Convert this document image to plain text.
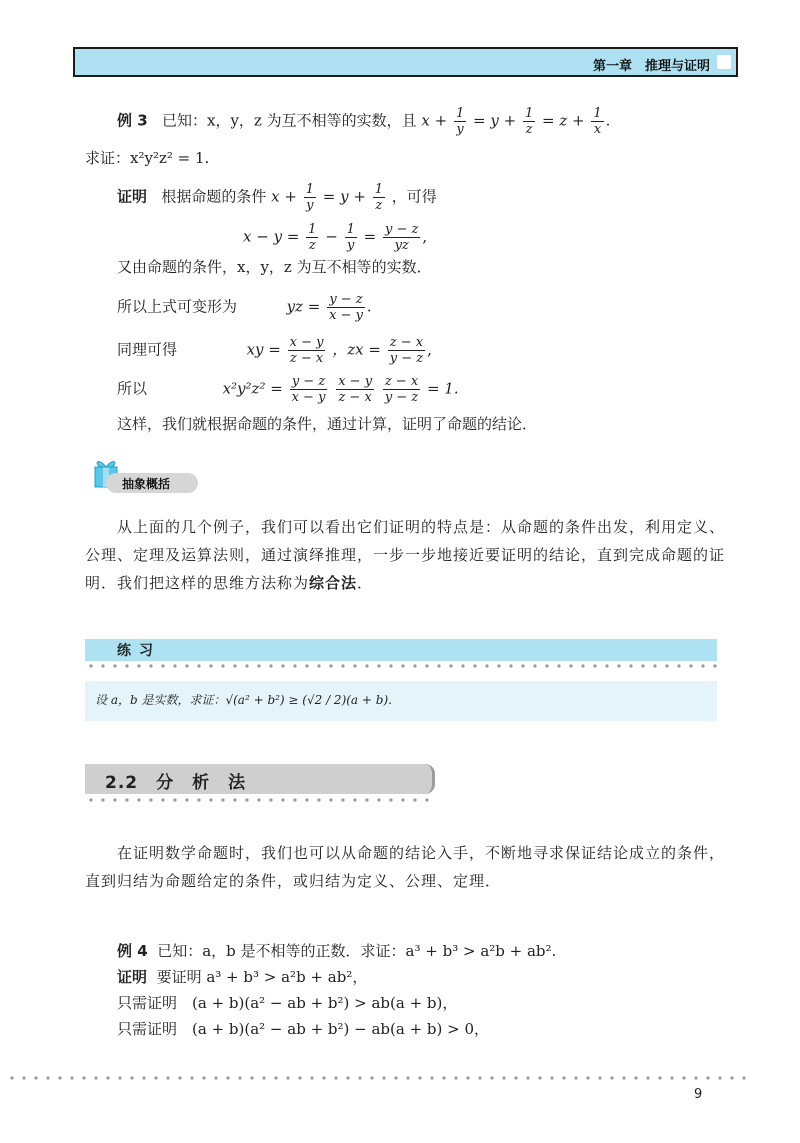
第一章　推理与证明
例 3 已知：x，y，z 为互不相等的实数，且 $x + \frac{1}{y} = y + \frac{1}{z} = z + \frac{1}{x}$ .
求证：x²y²z² = 1.
证明 根据命题的条件 $x + \frac{1}{y} = y + \frac{1}{z}$ ，可得
$x - y = \frac{1}{z} - \frac{1}{y} = \frac{y - z}{yz}$ ,
又由命题的条件，x，y，z 为互不相等的实数．
所以上式可变形为	yz = $\frac{y - z}{x - y}$ .
同理可得	xy = $\frac{x - y}{z - x}$ ，zx = $\frac{z - x}{y - z}$ ,
所以	$x^2y^2z^2 = \frac{y - z}{x - y}$
$\frac{x - y}{z - x}$
$\frac{z - x}{y - z} = 1$.
这样，我们就根据命题的条件，通过计算，证明了命题的结论．
抽象概括
从上面的几个例子，我们可以看出它们证明的特点是：从命题的条件出发，利用定义、公理、定理及运算法则，通过演绎推理，一步一步地接近要证明的结论，直到完成命题的证明．我们把这样的思维方法称为综合法．
练习
设 a，b 是实数，求证：√(a² + b²) ≥ (√2 / 2)(a + b).
2.2　分　析　法
在证明数学命题时，我们也可以从命题的结论入手，不断地寻求保证结论成立的条件，直到归结为命题给定的条件，或归结为定义、公理、定理．
例 4 已知：a，b 是不相等的正数．求证：a³ + b³ > a²b + ab².
证明 要证明 a³ + b³ > a²b + ab²，
只需证明　(a + b)(a² − ab + b²) > ab(a + b)，
只需证明　(a + b)(a² − ab + b²) − ab(a + b) > 0，
9
